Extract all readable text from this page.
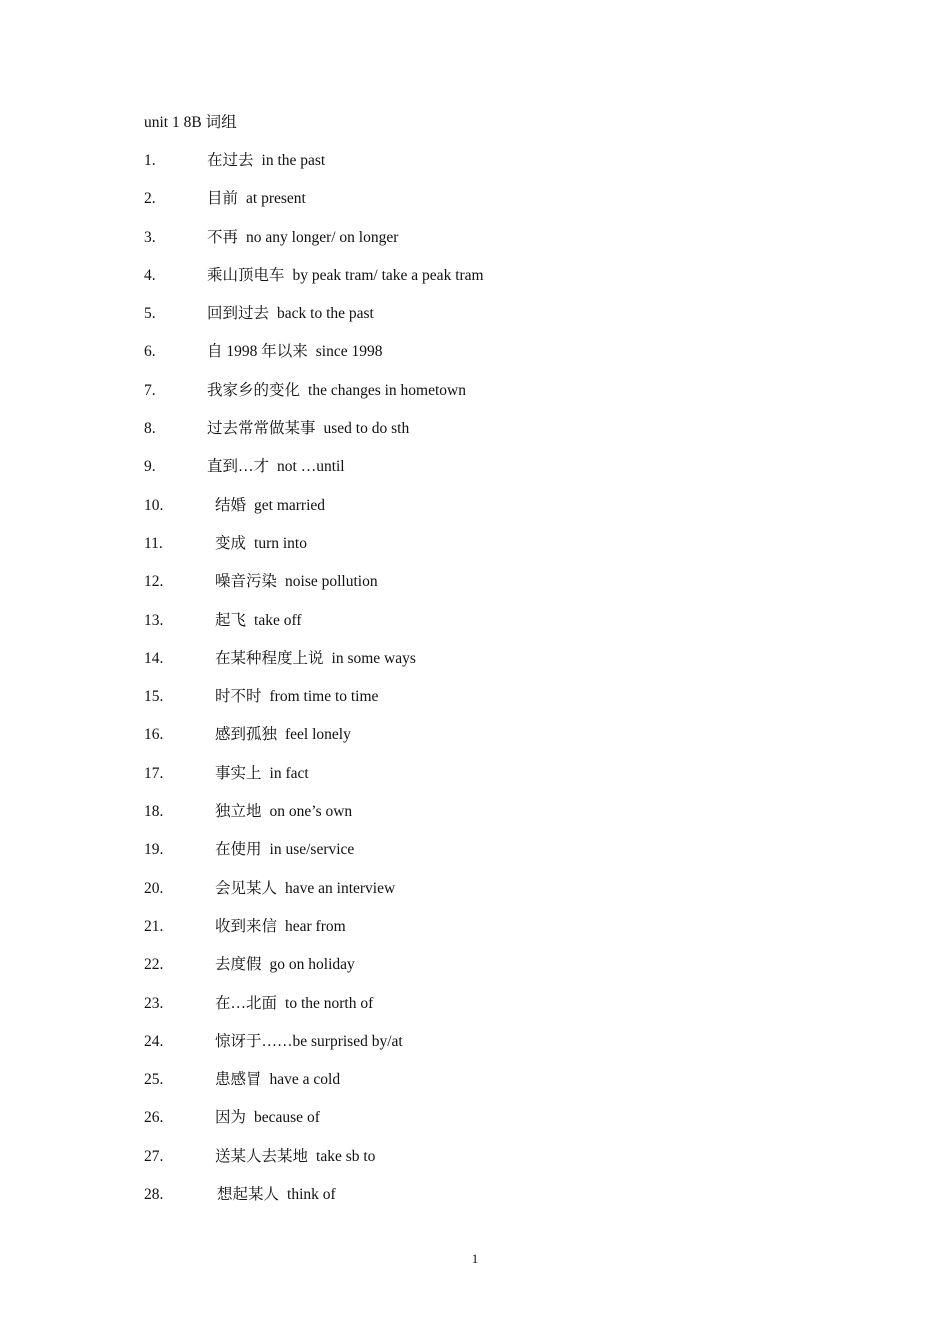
unit 1 8B 词组
1.	在过去 in the past
2.	目前 at present
3.	不再 no any longer/ on longer
4.	乘山顶电车 by peak tram/ take a peak tram
5.	回到过去 back to the past
6.	自 1998 年以来 since 1998
7.	我家乡的变化 the changes in hometown
8.	过去常常做某事 used to do sth
9.	直到…才 not …until
10.	结婚 get married
11.	变成 turn into
12.	噪音污染 noise pollution
13.	起飞 take off
14.	在某种程度上说 in some ways
15.	时不时 from time to time
16.	感到孤独 feel lonely
17.	事实上 in fact
18.	独立地 on one’s own
19.	在使用 in use/service
20.	会见某人 have an interview
21.	收到来信 hear from
22.	去度假 go on holiday
23.	在…北面 to the north of
24.	惊讶于……be surprised by/at
25.	患感冒 have a cold
26.	因为 because of
27.	送某人去某地 take sb to
28.	想起某人 think of
1
